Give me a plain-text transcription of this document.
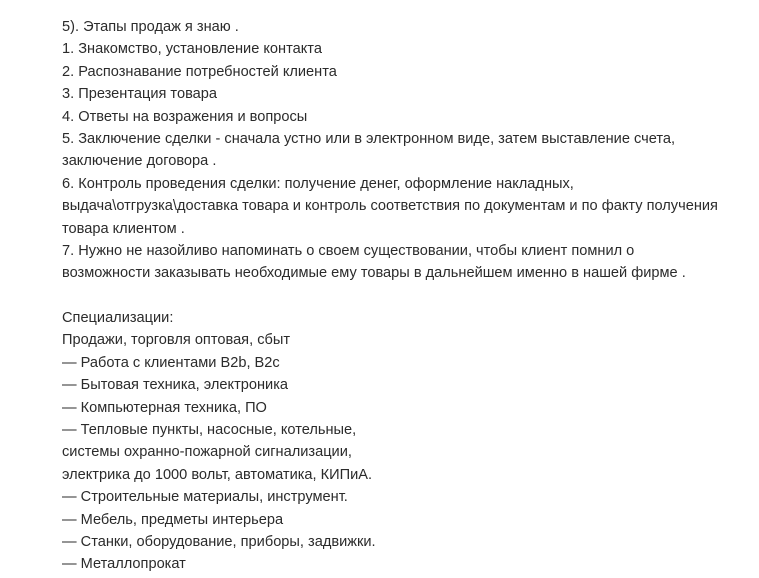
5). Этапы продаж я знаю .
1. Знакомство, установление контакта
2. Распознавание потребностей клиента
3. Презентация товара
4. Ответы на возражения и вопросы
5. Заключение сделки - сначала устно или в электронном виде, затем выставление счета,
заключение договора .
6. Контроль проведения сделки: получение денег, оформление накладных,
выдача\отгрузка\доставка товара и контроль соответствия по документам и по факту получения
товара клиентом .
7. Нужно не назойливо напоминать о своем существовании, чтобы клиент помнил о
возможности заказывать необходимые ему товары в дальнейшем именно в нашей фирме .
Специализации:
Продажи, торговля оптовая, сбыт
— Работа с клиентами B2b, B2c
— Бытовая техника, электроника
— Компьютерная техника, ПО
— Тепловые пункты, насосные, котельные,
системы охранно-пожарной сигнализации,
электрика до 1000 вольт, автоматика, КИПиА.
— Строительные материалы, инструмент.
— Мебель, предметы интерьера
— Станки, оборудование, приборы, задвижки.
— Металлопрокат
